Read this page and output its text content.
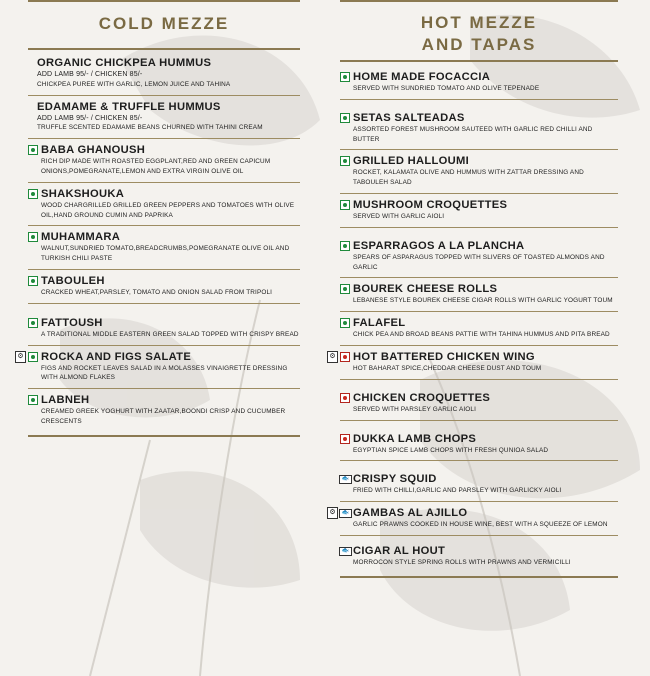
COLD MEZZE
ORGANIC CHICKPEA HUMMUS
ADD LAMB 95/- / CHICKEN 85/-
CHICKPEA PUREE WITH GARLIC, LEMON JUICE AND TAHINA
EDAMAME & TRUFFLE HUMMUS
ADD LAMB 95/- / CHICKEN 85/-
TRUFFLE SCENTED EDAMAME BEANS CHURNED WITH TAHINI CREAM
BABA GHANOUSH
RICH DIP MADE WITH ROASTED EGGPLANT,RED AND GREEN CAPICUM ONIONS,POMEGRANATE,LEMON AND EXTRA VIRGIN OLIVE OIL
SHAKSHOUKA
WOOD CHARGRILLED GRILLED GREEN PEPPERS AND TOMATOES WITH OLIVE OIL,HAND GROUND CUMIN AND PAPRIKA
MUHAMMARA
WALNUT,SUNDRIED TOMATO,BREADCRUMBS,POMEGRANATE OLIVE OIL AND TURKISH CHILI PASTE
TABOULEH
CRACKED WHEAT,PARSLEY, TOMATO AND ONION SALAD FROM TRIPOLI
FATTOUSH
A TRADITIONAL MIDDLE EASTERN GREEN SALAD TOPPED WITH CRISPY BREAD
⚙ ROCKA AND FIGS SALATE
FIGS AND ROCKET LEAVES SALAD IN A MOLASSES VINAIGRETTE DRESSING WITH ALMOND FLAKES
LABNEH
CREAMED GREEK YOGHURT WITH ZAATAR,BOONDI CRISP AND CUCUMBER CRESCENTS
HOT MEZZE
AND TAPAS
HOME MADE FOCACCIA
SERVED WITH SUNDRIED TOMATO AND OLIVE TEPENADE
SETAS SALTEADAS
ASSORTED FOREST MUSHROOM SAUTEED WITH GARLIC RED CHILLI AND BUTTER
GRILLED HALLOUMI
ROCKET, KALAMATA OLIVE AND HUMMUS WITH ZATTAR DRESSING AND TABOULEH SALAD
MUSHROOM CROQUETTES
SERVED WITH GARLIC AIOLI
ESPARRAGOS A LA PLANCHA
SPEARS OF ASPARAGUS TOPPED WITH SLIVERS OF TOASTED ALMONDS AND GARLIC
BOUREK CHEESE ROLLS
LEBANESE STYLE BOUREK CHEESE CIGAR ROLLS WITH GARLIC YOGURT TOUM
FALAFEL
CHICK PEA AND BROAD BEANS PATTIE WITH TAHINA HUMMUS AND PITA BREAD
⚙ HOT BATTERED CHICKEN WING
HOT BAHARAT SPICE,CHEDDAR CHEESE DUST AND TOUM
CHICKEN CROQUETTES
SERVED WITH PARSLEY GARLIC AIOLI
DUKKA LAMB CHOPS
EGYPTIAN SPICE LAMB CHOPS WITH FRESH QUNIOA SALAD
🐟 CRISPY SQUID
FRIED WITH CHILLI,GARLIC AND PARSLEY WITH GARLICKY AIOLI
⚙	🐟 GAMBAS AL AJILLO
GARLIC PRAWNS COOKED IN HOUSE WINE, BEST WITH A SQUEEZE OF LEMON
🐟 CIGAR AL HOUT
MORROCON STYLE SPRING ROLLS WITH PRAWNS AND VERMICILLI
